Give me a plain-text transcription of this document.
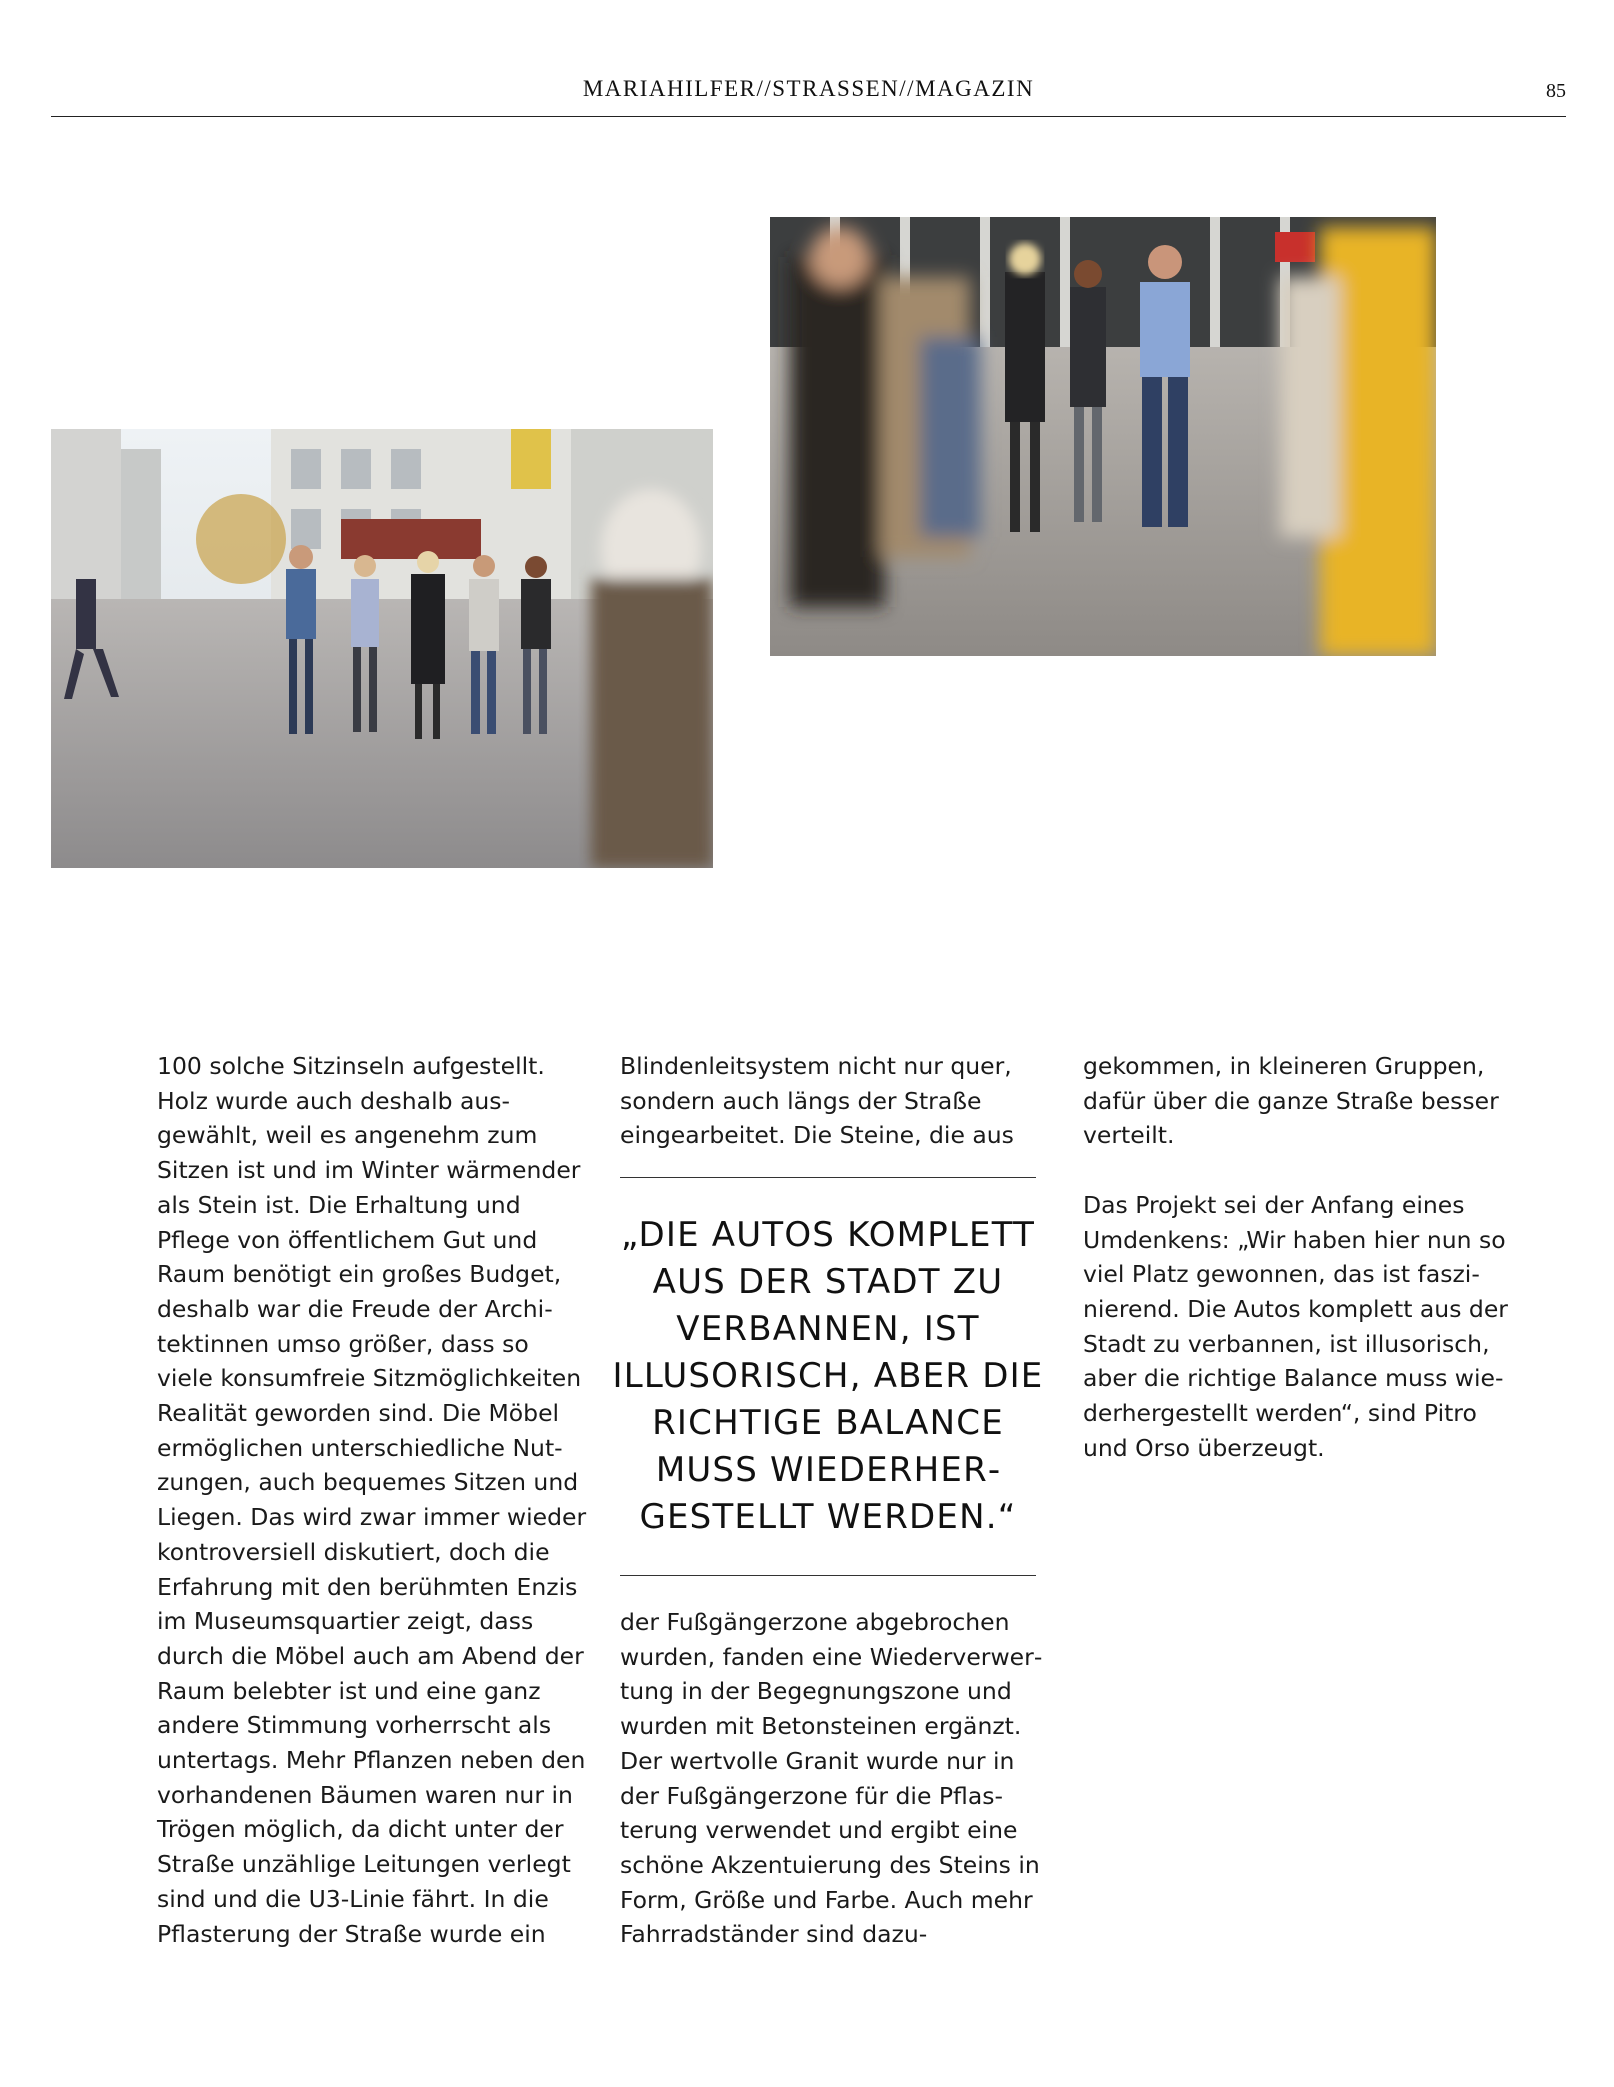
MARIAHILFER//STRASSEN//MAGAZIN	85

100 solche Sitzinseln aufgestellt. Holz wurde auch deshalb ausgewählt, weil es angenehm zum Sitzen ist und im Winter wärmender als Stein ist. Die Erhaltung und Pflege von öffentlichem Gut und Raum benötigt ein großes Budget, deshalb war die Freude der Architektinnen umso größer, dass so viele konsumfreie Sitzmöglichkeiten Realität geworden sind. Die Möbel ermöglichen unterschiedliche Nutzungen, auch bequemes Sitzen und Liegen. Das wird zwar immer wieder kontroversiell diskutiert, doch die Erfahrung mit den berühmten Enzis im Museumsquartier zeigt, dass durch die Möbel auch am Abend der Raum belebter ist und eine ganz andere Stimmung vorherrscht als untertags. Mehr Pflanzen neben den vorhandenen Bäumen waren nur in Trögen möglich, da dicht unter der Straße unzählige Leitungen verlegt sind und die U3-Linie fährt. In die Pflasterung der Straße wurde ein

Blindenleitsystem nicht nur quer, sondern auch längs der Straße eingearbeitet. Die Steine, die aus

„DIE AUTOS KOMPLETT AUS DER STADT ZU VERBANNEN, IST ILLUSORISCH, ABER DIE RICHTIGE BALANCE MUSS WIEDERHERGESTELLT WERDEN.“

der Fußgängerzone abgebrochen wurden, fanden eine Wiederverwertung in der Begegnungszone und wurden mit Betonsteinen ergänzt. Der wertvolle Granit wurde nur in der Fußgängerzone für die Pflasterung verwendet und ergibt eine schöne Akzentuierung des Steins in Form, Größe und Farbe. Auch mehr Fahrradständer sind dazu-

gekommen, in kleineren Gruppen, dafür über die ganze Straße besser verteilt.

Das Projekt sei der Anfang eines Umdenkens: „Wir haben hier nun so viel Platz gewonnen, das ist faszinierend. Die Autos komplett aus der Stadt zu verbannen, ist illusorisch, aber die richtige Balance muss wiederhergestellt werden“, sind Pitro und Orso überzeugt.
